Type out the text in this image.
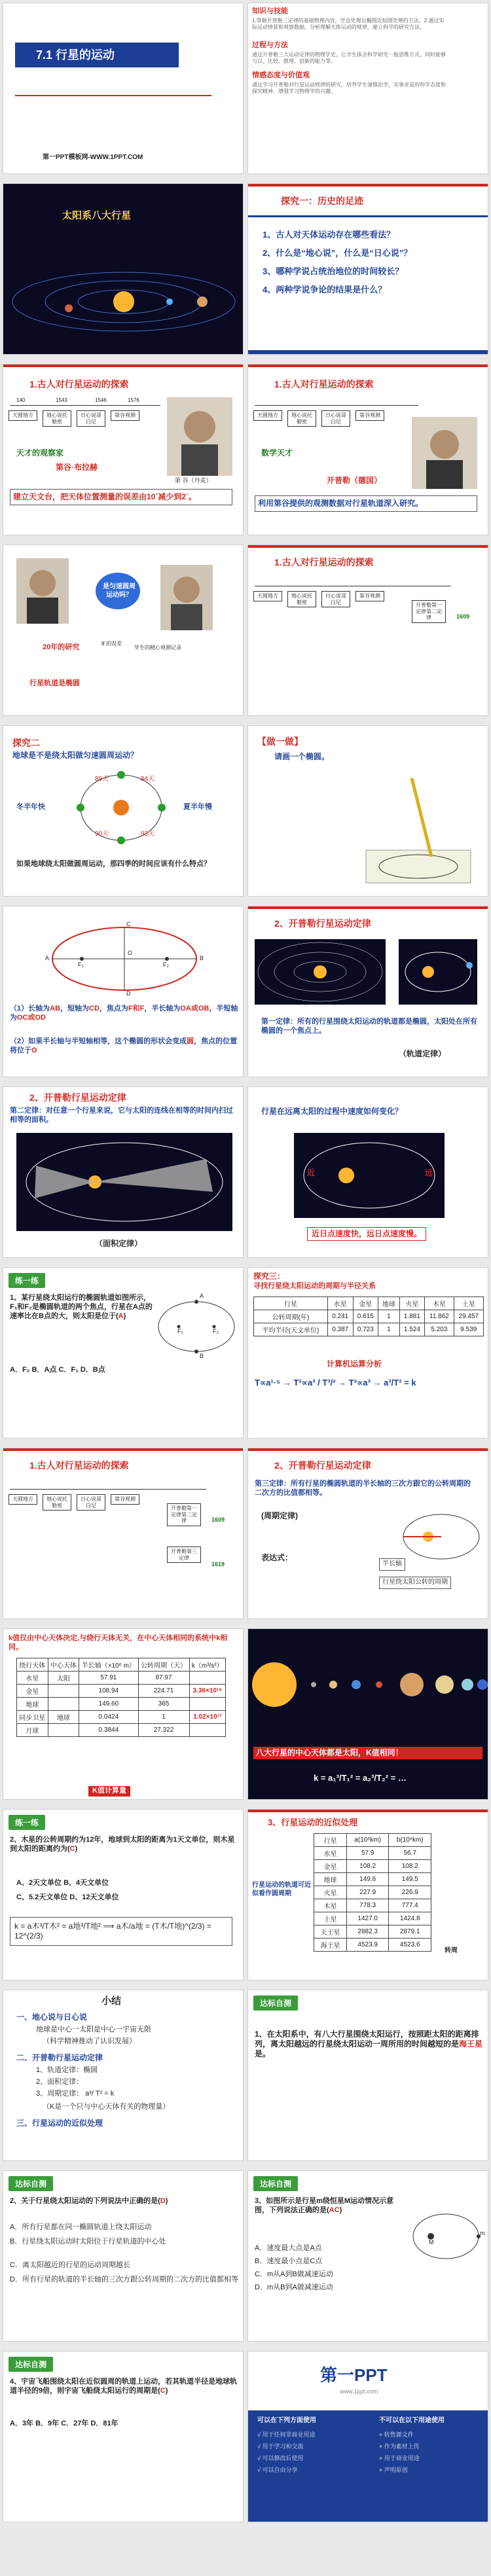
7.1 行星的运动
第一PPT模板网-WWW.1PPT.COM
知识与技能
1.掌握开普勒三定律的基础物理内容，学会处理以椭圆近似圆处理的方法。2.通过实际运动情景和观察数据，分析理解天体运动的规律，建立科学的研究方法。
过程与方法
通过开普勒三大运动定律的物理学史，让学生体会科学研究一般思维方式，同时能够与以、比较、推理、创新的能力等。
情感态度与价值观
通过学习开普勒对行星运动规律的研究，培养学生谨慎治学，实事求是的科学态度和探究精神，增强学习物理学的兴趣。
太阳系八大行星
探究一：历史的足迹
1、古人对天体运动存在哪些看法？
2、什么是“地心说”，什么是“日心说”？
3、哪种学说占统治地位的时间较长？
4、两种学说争论的结果是什么？
1.古人对行星运动的探索
140	1543	1546	1576
天圆地方	地心说托勒密
日心说哥白尼
第谷观测
天才的观察家
第谷·布拉赫
第 谷（丹麦）
建立天文台，把天体位置测量的误差由10´减少到2´。
1.古人对行星运动的探索
天圆地方	地心说托勒密
日心说哥白尼
第谷观测
数学天才
开普勒（德国）
利用第谷提供的观测数据对行星轨道深入研究。
是匀速圆周运动吗？
20年的研究	8´的误差
毕生的精心观测记录
行星轨道是椭圆
1.古人对行星运动的探索
天圆地方	地心说托勒密
日心说哥白尼
第谷观测
开普勒第一定律第二定律	1609
探究二
地球是不是绕太阳做匀速圆周运动？
89天	94天
93天
90天
冬半年快	夏半年慢
如果地球绕太阳做圆周运动，那四季的时间应该有什么特点？
【做一做】
请画一个椭圆。
A	B
C
D
O
F₁	F₂
（1）长轴为AB，短轴为CD，焦点为F和F，半长轴为OA或OB，半短轴为OC或OD
（2）如果半长轴与半短轴相等，这个椭圆的形状会变成圆，焦点的位置将位于O
2、开普勒行星运动定律
第一定律：所有的行星围绕太阳运动的轨道都是椭圆，太阳处在所有椭圆的一个焦点上。
（轨道定律）
2、开普勒行星运动定律
第二定律：对任意一个行星来说，它与太阳的连线在相等的时间内扫过相等的面积。
（面积定律）
行星在远离太阳的过程中速度如何变化？
近	远
近日点速度快，远日点速度慢。
练一练
1、某行星绕太阳运行的椭圆轨道如图所示，F₁和F₂是椭圆轨道的两个焦点，行星在A点的速率比在B点的大，则太阳是位于(A)
A．F₂ B．A点 C．F₁ D．B点
A
B
F₁	F₂
探究三：
寻找行星绕太阳运动的周期与半径关系
行星	水星	金星	地球	火星	木星	土星
公转周期(年)	0.241	0.615	1	1.881	11.862	29.457
平均半径(天文单位)	0.387	0.723	1	1.524	5.203	9.539
计算机运算分析
T∝a¹·⁵ → T²∝a³ / T³/² → T²∝a³ → a³/T² = k
1.古人对行星运动的探索
天圆地方	地心说托勒密
日心说哥白尼
第谷观测
开普勒第一定律第二定律	1609
开普勒第三定律
1619
2、开普勒行星运动定律
第三定律：所有行星的椭圆轨道的半长轴的三次方跟它的公转周期的二次方的比值都相等。
(周期定律)
表达式：
行星绕太阳公转的周期
半长轴
k值仅由中心天体决定,与绕行天体无关，在中心天体相同的系统中k相同。
绕行天体	中心天体	半长轴（×10⁶ m）	公转周期（天）	k（m³/s²）
水星	太阳	57.91	87.97	
金星		108.94	224.71	3.36×10¹⁸
地球		149.60	365	
同步卫星	地球	0.0424	1	1.02×10¹³
月球		0.3844	27.322	
K值计算量
八大行星的中心天体都是太阳，K值相同！
k = a₁³/T₁² = a₂³/T₂² = …
练一练
2、木星的公转周期约为12年，地球到太阳的距离为1天文单位，则木星到太阳的距离约为(C)
A、2天文单位 B、4天文单位
C、5.2天文单位 D、12天文单位
k = a木³/T木² = a地³/T地² ⟹ a木/a地 = (T木/T地)^(2/3) = 12^(2/3)
3、行星运动的近似处理
行星	a(10⁶km)	b(10⁶km)
水星	57.9	56.7
金星	108.2	108.2
地球	149.6	149.5
火星	227.9	226.9
木星	778.3	777.4
土星	1427.0	1424.8
天王星	2882.3	2879.1
海王星	4523.9	4523.6
行星运动的轨道可近似看作圆周期
转周
小结
一、地心说与日心说
地球是中心一太阳是中心一宇宙无限
（科学精神推动了认识发展）
二、开普勒行星运动定律
1、轨道定律：椭圆
2、面积定律：
3、周期定律： a³/ T² = k
（K是一个只与中心天体有关的物理量）
三、行星运动的近似处理
达标自测
1、在太阳系中，有八大行星围绕太阳运行，按照距太阳的距离排列，离太阳越远的行星绕太阳运动一周所用的时间越短的是海王星是。
达标自测
2、关于行星绕太阳运动的下列说法中正确的是(D)
A．所有行星都在同一椭圆轨道上绕太阳运动
B．行星绕太阳运动时太阳位于行星轨道的中心处
C．离太阳越近的行星的运动周期越长
D．所有行星的轨道的半长轴的三次方跟公转周期的二次方的比值都相等
达标自测
3、如图所示是行星m绕恒星M运动情况示意图，下列说法正确的是(AC)
A．速度最大点是A点
B．速度最小点是C点
C．m从A到B做减速运动
D．m从B到A做减速运动
M
m
达标自测
4、宇宙飞船围绕太阳在近似圆周的轨道上运动，若其轨道半径是地球轨道半径的9倍，则宇宙飞船绕太阳运行的周期是(C)
A．3年 B．9年 C．27年 D．81年
第一PPT
www.1ppt.com
可以在下列方面使用	不可以在以下用途使用
√ 用于任何非商业用途
√ 用于学习和交流
√ 可以修改后使用
√ 可以自由分享
× 转售源文件
× 作为素材上传
× 用于商业用途
× 声明原创
